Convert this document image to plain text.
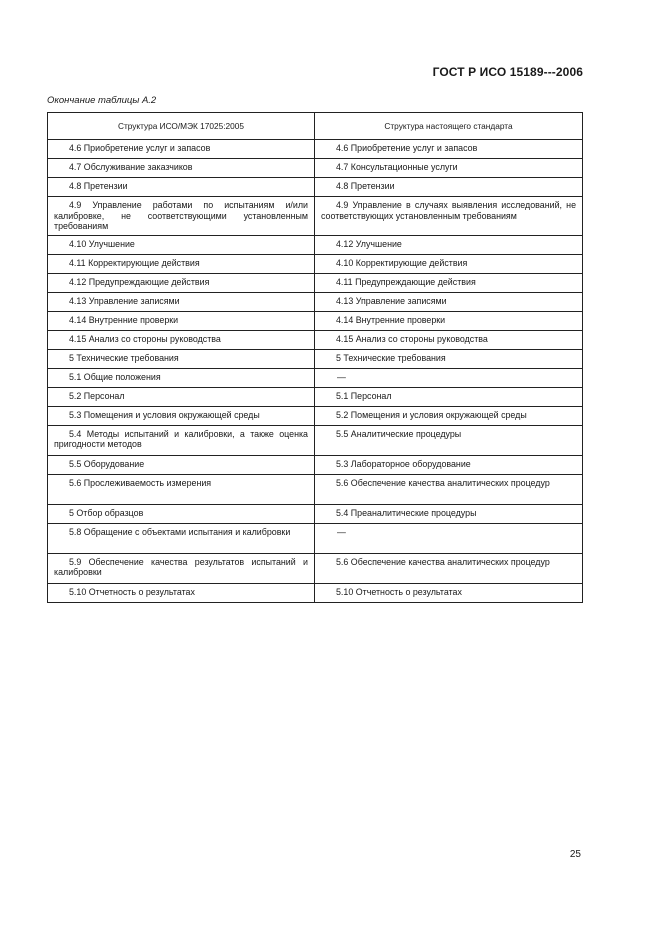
ГОСТ Р ИСО 15189---2006
Окончание таблицы А.2
Структура ИСО/МЭК 17025:2005	Структура настоящего стандарта
4.6 Приобретение услуг и запасов	4.6 Приобретение услуг и запасов
4.7 Обслуживание заказчиков	4.7 Консультационные услуги
4.8 Претензии	4.8 Претензии
4.9 Управление работами по испытаниям и/или калибровке, не соответствующими установленным требованиям	4.9 Управление в случаях выявления исследований, не соответствующих установленным требованиям
4.10 Улучшение	4.12 Улучшение
4.11 Корректирующие действия	4.10 Корректирующие действия
4.12 Предупреждающие действия	4.11 Предупреждающие действия
4.13 Управление записями	4.13 Управление записями
4.14 Внутренние проверки	4.14 Внутренние проверки
4.15 Анализ со стороны руководства	4.15 Анализ со стороны руководства
5 Технические требования	5 Технические требования
5.1 Общие положения	—
5.2 Персонал	5.1 Персонал
5.3 Помещения и условия окружающей среды	5.2 Помещения и условия окружающей среды
5.4 Методы испытаний и калибровки, а также оценка пригодности методов	5.5 Аналитические процедуры
5.5 Оборудование	5.3 Лабораторное оборудование
5.6 Прослеживаемость измерения	5.6 Обеспечение качества аналитических процедур
5 Отбор образцов	5.4 Преаналитические процедуры
5.8 Обращение с объектами испытания и калибровки	—
5.9 Обеспечение качества результатов испытаний и калибровки	5.6 Обеспечение качества аналитических процедур
5.10 Отчетность о результатах	5.10 Отчетность о результатах
25
